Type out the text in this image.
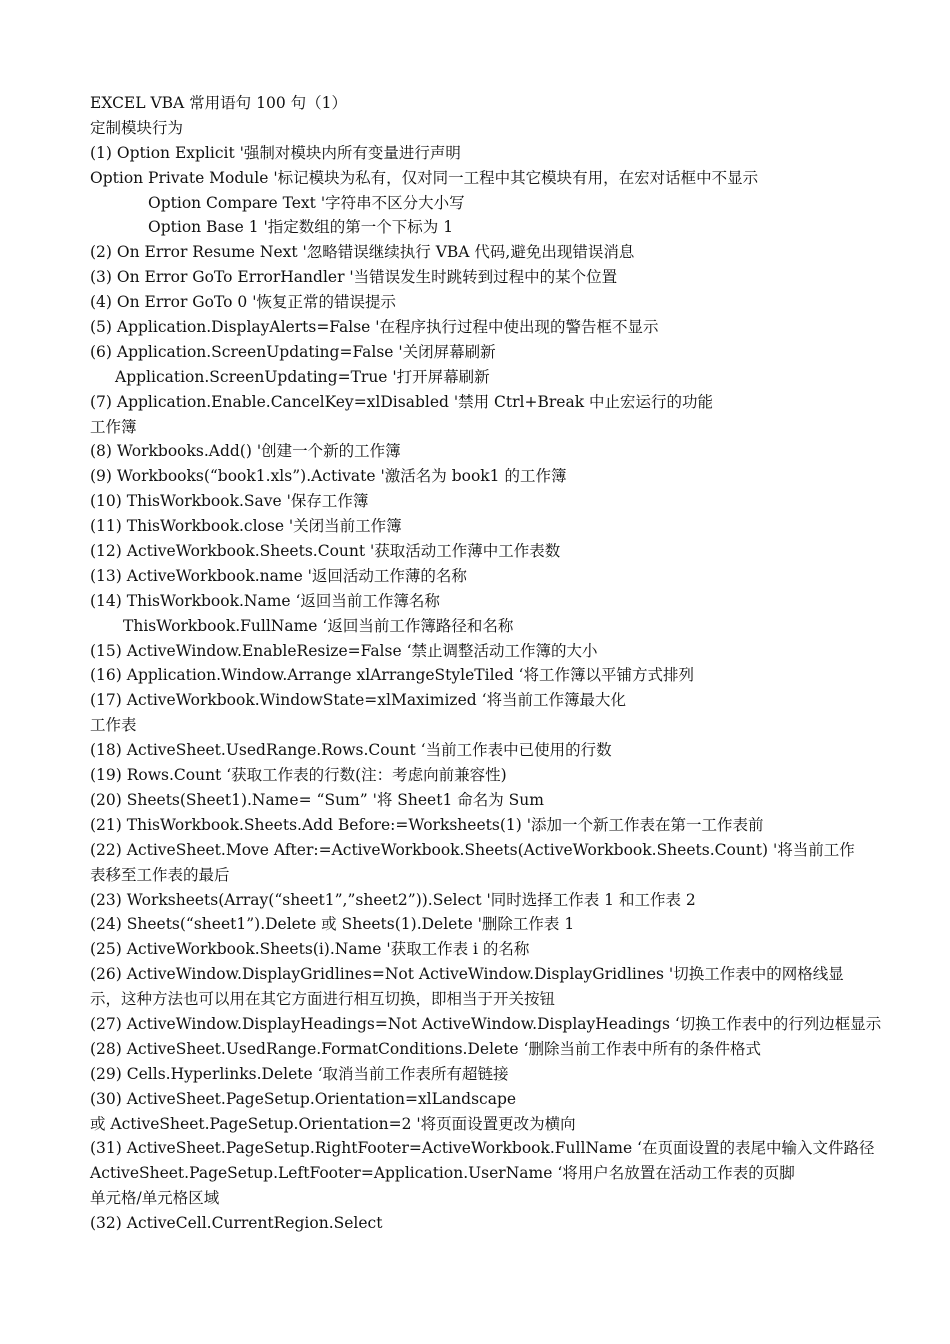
EXCEL VBA 常用语句 100 句（1）
定制模块行为
(1) Option Explicit '强制对模块内所有变量进行声明
Option Private Module '标记模块为私有，仅对同一工程中其它模块有用，在宏对话框中不显示
Option Compare Text '字符串不区分大小写
Option Base 1 '指定数组的第一个下标为 1
(2) On Error Resume Next '忽略错误继续执行 VBA 代码,避免出现错误消息
(3) On Error GoTo ErrorHandler '当错误发生时跳转到过程中的某个位置
(4) On Error GoTo 0 '恢复正常的错误提示
(5) Application.DisplayAlerts=False '在程序执行过程中使出现的警告框不显示
(6) Application.ScreenUpdating=False '关闭屏幕刷新
Application.ScreenUpdating=True '打开屏幕刷新
(7) Application.Enable.CancelKey=xlDisabled '禁用 Ctrl+Break 中止宏运行的功能
工作簿
(8) Workbooks.Add() '创建一个新的工作簿
(9) Workbooks(“book1.xls”).Activate '激活名为 book1 的工作簿
(10) ThisWorkbook.Save '保存工作簿
(11) ThisWorkbook.close '关闭当前工作簿
(12) ActiveWorkbook.Sheets.Count '获取活动工作薄中工作表数
(13) ActiveWorkbook.name '返回活动工作薄的名称
(14) ThisWorkbook.Name ‘返回当前工作簿名称
ThisWorkbook.FullName ‘返回当前工作簿路径和名称
(15) ActiveWindow.EnableResize=False ‘禁止调整活动工作簿的大小
(16) Application.Window.Arrange xlArrangeStyleTiled ‘将工作簿以平铺方式排列
(17) ActiveWorkbook.WindowState=xlMaximized ‘将当前工作簿最大化
工作表
(18) ActiveSheet.UsedRange.Rows.Count ‘当前工作表中已使用的行数
(19) Rows.Count ‘获取工作表的行数(注：考虑向前兼容性)
(20) Sheets(Sheet1).Name= “Sum” '将 Sheet1 命名为 Sum
(21) ThisWorkbook.Sheets.Add Before:=Worksheets(1) '添加一个新工作表在第一工作表前
(22) ActiveSheet.Move After:=ActiveWorkbook.Sheets(ActiveWorkbook.Sheets.Count) '将当前工作表移至工作表的最后
(23) Worksheets(Array(“sheet1”,”sheet2”)).Select '同时选择工作表 1 和工作表 2
(24) Sheets(“sheet1”).Delete 或 Sheets(1).Delete '删除工作表 1
(25) ActiveWorkbook.Sheets(i).Name '获取工作表 i 的名称
(26) ActiveWindow.DisplayGridlines=Not ActiveWindow.DisplayGridlines '切换工作表中的网格线显示，这种方法也可以用在其它方面进行相互切换，即相当于开关按钮
(27) ActiveWindow.DisplayHeadings=Not ActiveWindow.DisplayHeadings ‘切换工作表中的行列边框显示
(28) ActiveSheet.UsedRange.FormatConditions.Delete ‘删除当前工作表中所有的条件格式
(29) Cells.Hyperlinks.Delete ‘取消当前工作表所有超链接
(30) ActiveSheet.PageSetup.Orientation=xlLandscape
或 ActiveSheet.PageSetup.Orientation=2 '将页面设置更改为横向
(31) ActiveSheet.PageSetup.RightFooter=ActiveWorkbook.FullName ‘在页面设置的表尾中输入文件路径
ActiveSheet.PageSetup.LeftFooter=Application.UserName ‘将用户名放置在活动工作表的页脚
单元格/单元格区域
(32) ActiveCell.CurrentRegion.Select
